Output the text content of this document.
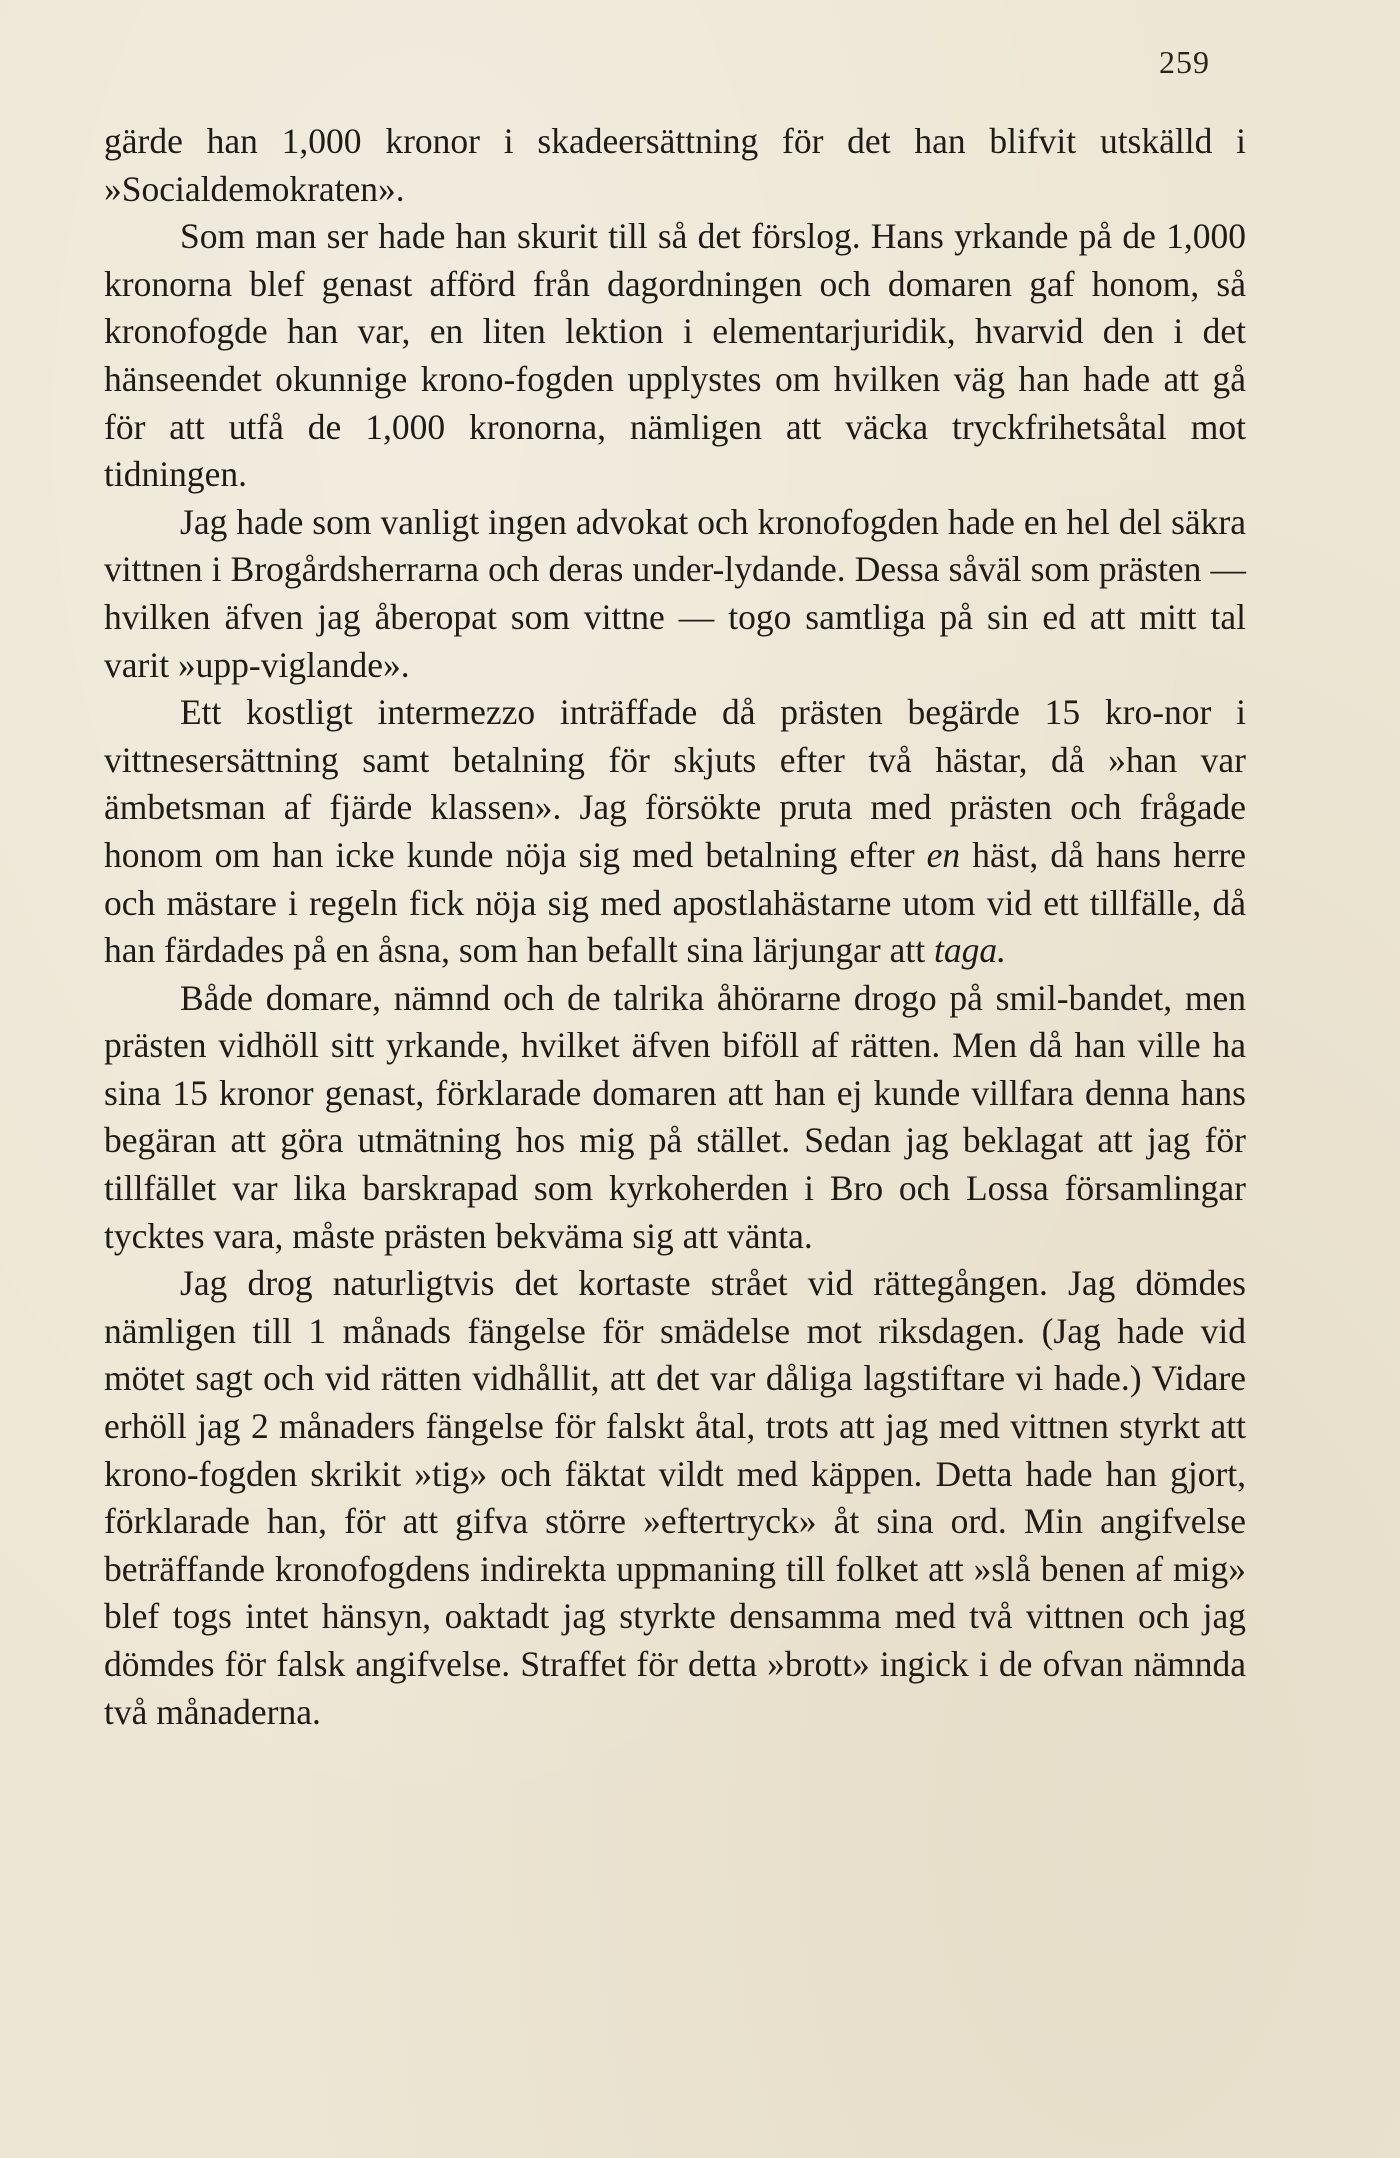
259

gärde han 1,000 kronor i skadeersättning för det han blifvit utskälld i »Socialdemokraten».

Som man ser hade han skurit till så det förslog. Hans yrkande på de 1,000 kronorna blef genast afförd från dagordningen och domaren gaf honom, så kronofogde han var, en liten lektion i elementarjuridik, hvarvid den i det hänseendet okunnige krono-fogden upplystes om hvilken väg han hade att gå för att utfå de 1,000 kronorna, nämligen att väcka tryckfrihetsåtal mot tidningen.

Jag hade som vanligt ingen advokat och kronofogden hade en hel del säkra vittnen i Brogårdsherrarna och deras under-lydande. Dessa såväl som prästen — hvilken äfven jag åberopat som vittne — togo samtliga på sin ed att mitt tal varit »upp-viglande».

Ett kostligt intermezzo inträffade då prästen begärde 15 kro-nor i vittnesersättning samt betalning för skjuts efter två hästar, då »han var ämbetsman af fjärde klassen». Jag försökte pruta med prästen och frågade honom om han icke kunde nöja sig med betalning efter en häst, då hans herre och mästare i regeln fick nöja sig med apostlahästarne utom vid ett tillfälle, då han färdades på en åsna, som han befallt sina lärjungar att taga.

Både domare, nämnd och de talrika åhörarne drogo på smil-bandet, men prästen vidhöll sitt yrkande, hvilket äfven biföll af rätten. Men då han ville ha sina 15 kronor genast, förklarade domaren att han ej kunde villfara denna hans begäran att göra utmätning hos mig på stället. Sedan jag beklagat att jag för tillfället var lika barskrapad som kyrkoherden i Bro och Lossa församlingar tycktes vara, måste prästen bekväma sig att vänta.

Jag drog naturligtvis det kortaste strået vid rättegången. Jag dömdes nämligen till 1 månads fängelse för smädelse mot riksdagen. (Jag hade vid mötet sagt och vid rätten vidhållit, att det var dåliga lagstiftare vi hade.) Vidare erhöll jag 2 månaders fängelse för falskt åtal, trots att jag med vittnen styrkt att krono-fogden skrikit »tig» och fäktat vildt med käppen. Detta hade han gjort, förklarade han, för att gifva större »eftertryck» åt sina ord. Min angifvelse beträffande kronofogdens indirekta uppmaning till folket att »slå benen af mig» blef togs intet hänsyn, oaktadt jag styrkte densamma med två vittnen och jag dömdes för falsk angifvelse. Straffet för detta »brott» ingick i de ofvan nämnda två månaderna.
